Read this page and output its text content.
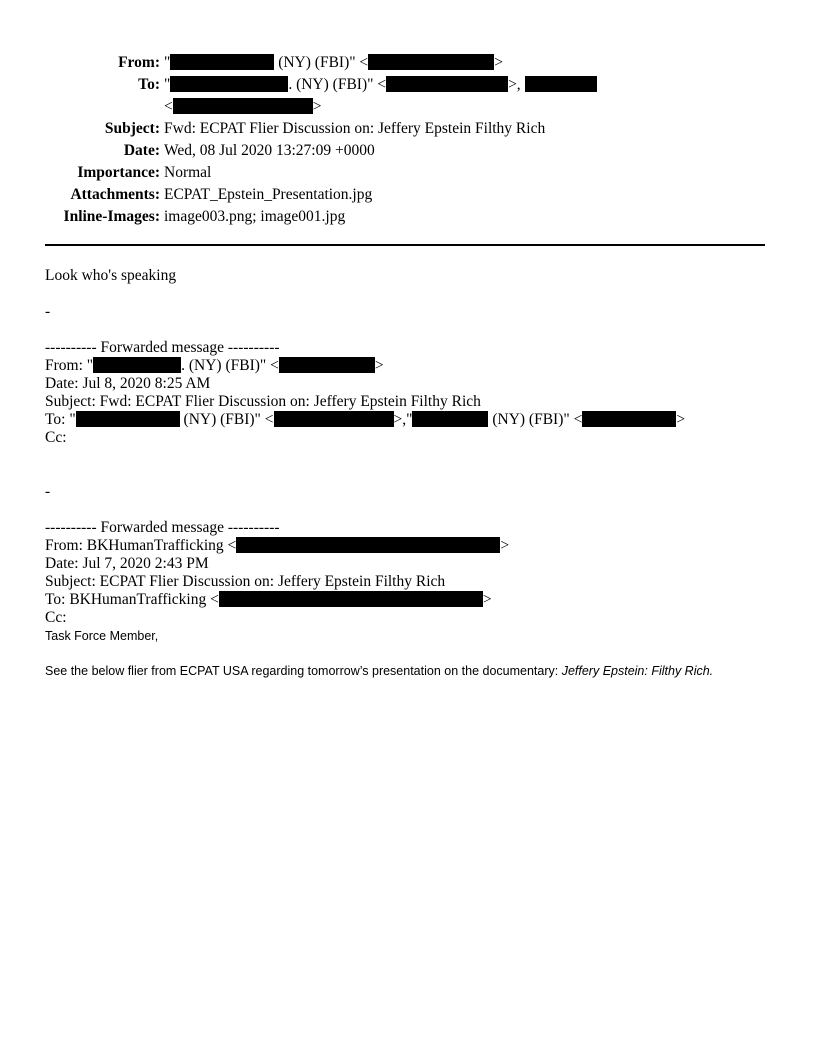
From: "	(NY) (FBI)" <	>
To: "	. (NY) (FBI)" <	>,
<	>
Subject: Fwd: ECPAT Flier Discussion on: Jeffery Epstein Filthy Rich
Date: Wed, 08 Jul 2020 13:27:09 +0000
Importance: Normal
Attachments: ECPAT_Epstein_Presentation.jpg
Inline-Images: image003.png; image001.jpg
Look who's speaking
-
---------- Forwarded message ----------
From: "	. (NY) (FBI)" <	>
Date: Jul 8, 2020 8:25 AM
Subject: Fwd: ECPAT Flier Discussion on: Jeffery Epstein Filthy Rich
To: "	(NY) (FBI)" <	>,"	(NY) (FBI)" <	>
Cc:
-
---------- Forwarded message ----------
From: BKHumanTrafficking <	>
Date: Jul 7, 2020 2:43 PM
Subject: ECPAT Flier Discussion on: Jeffery Epstein Filthy Rich
To: BKHumanTrafficking <	>
Cc:
Task Force Member,
See the below flier from ECPAT USA regarding tomorrow’s presentation on the documentary: Jeffery Epstein: Filthy Rich.
